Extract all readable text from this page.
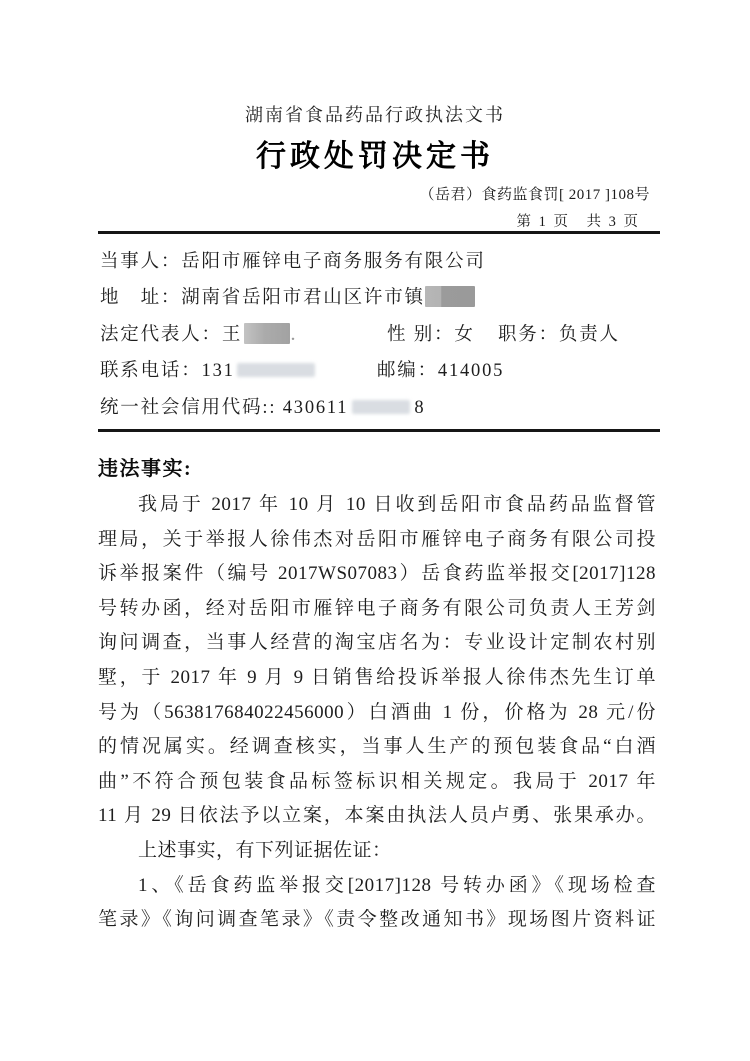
湖南省食品药品行政执法文书
行政处罚决定书
（岳君）食药监食罚[ 2017 ]108号
第 1 页　共 3 页
当事人：岳阳市雁锌电子商务服务有限公司
地　址：湖南省岳阳市君山区许市镇
法定代表人：王	．	性 别：女 职务：负责人
联系电话：131	邮编：414005
统一社会信用代码:: 430611	8
违法事实:
我局于 2017 年 10 月 10 日收到岳阳市食品药品监督管
理局，关于举报人徐伟杰对岳阳市雁锌电子商务有限公司投
诉举报案件（编号 2017WS07083）岳食药监举报交[2017]128
号转办函，经对岳阳市雁锌电子商务有限公司负责人王芳剑
询问调查，当事人经营的淘宝店名为：专业设计定制农村别
墅，于 2017 年 9 月 9 日销售给投诉举报人徐伟杰先生订单
号为（563817684022456000）白酒曲 1 份，价格为 28 元/份
的情况属实。经调查核实，当事人生产的预包装食品“白酒
曲”不符合预包装食品标签标识相关规定。我局于 2017 年
11 月 29 日依法予以立案，本案由执法人员卢勇、张果承办。
上述事实，有下列证据佐证：
1、《岳食药监举报交[2017]128 号转办函》《现场检查
笔录》《询问调查笔录》《责令整改通知书》现场图片资料证
